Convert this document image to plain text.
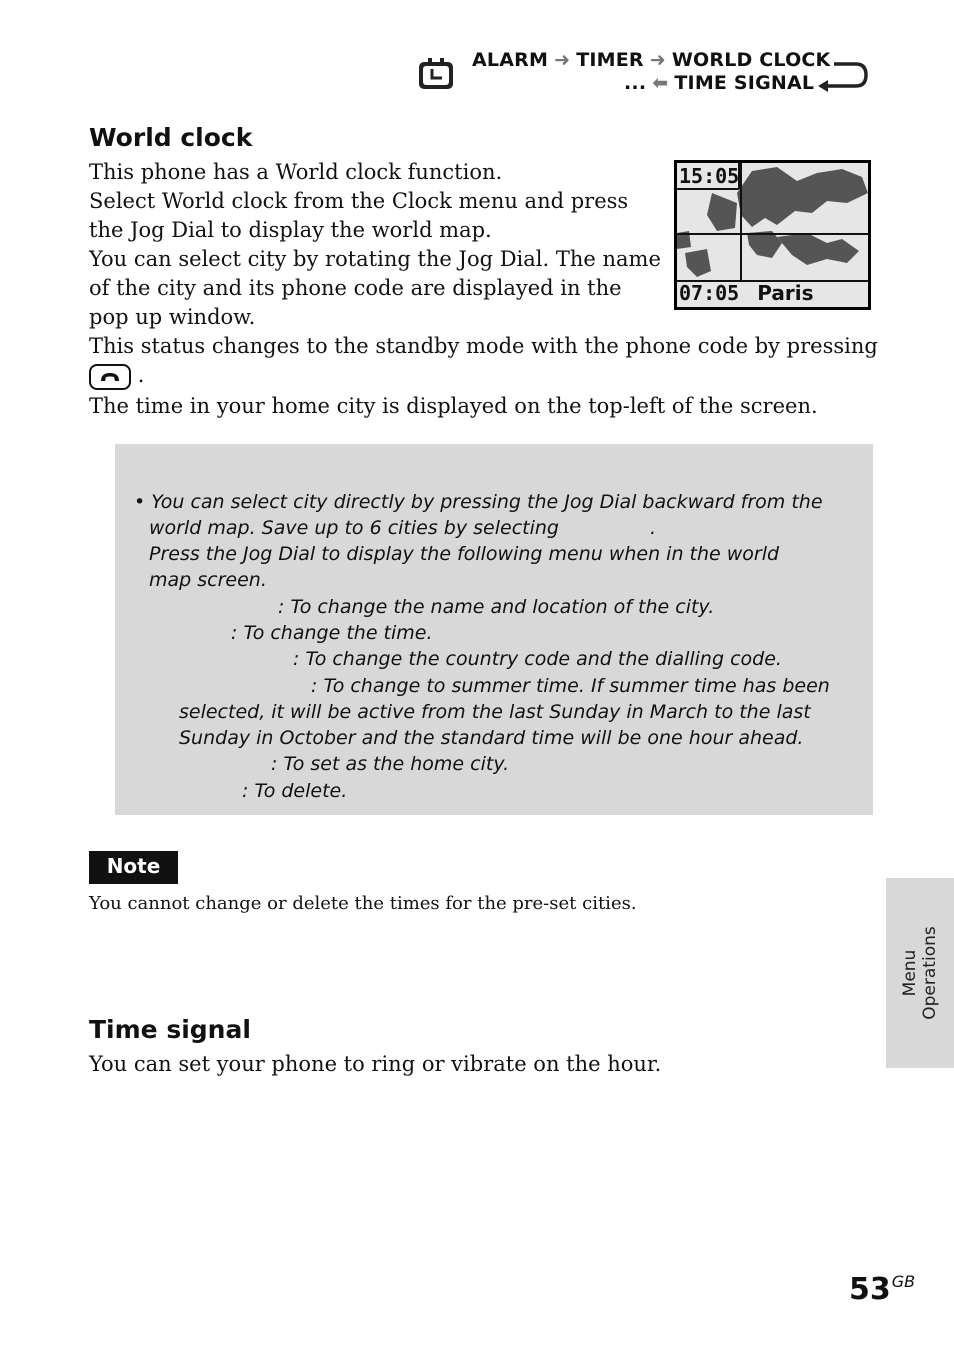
ALARM ➜ TIMER ➜ WORLD CLOCK
... ⬅ TIME SIGNAL
World clock

This phone has a World clock function.

Select World clock from the Clock menu and press

the Jog Dial to display the world map.

You can select city by rotating the Jog Dial. The name

of the city and its phone code are displayed in the

pop up window.

This status changes to the standby mode with the phone code by pressing

.

The time in your home city is displayed on the top-left of the screen.

15:05
07:05 Paris

• You can select city directly by pressing the Jog Dial backward from the

world map. Save up to 6 cities by selecting	.

Press the Jog Dial to display the following menu when in the world

map screen.

: To change the name and location of the city.

: To change the time.

: To change the country code and the dialling code.

: To change to summer time. If summer time has been

selected, it will be active from the last Sunday in March to the last

Sunday in October and the standard time will be one hour ahead.

: To set as the home city.

: To delete.

Note

You cannot change or delete the times for the pre-set cities.

Time signal

You can set your phone to ring or vibrate on the hour.

Menu Operations
$53^{GB}$
